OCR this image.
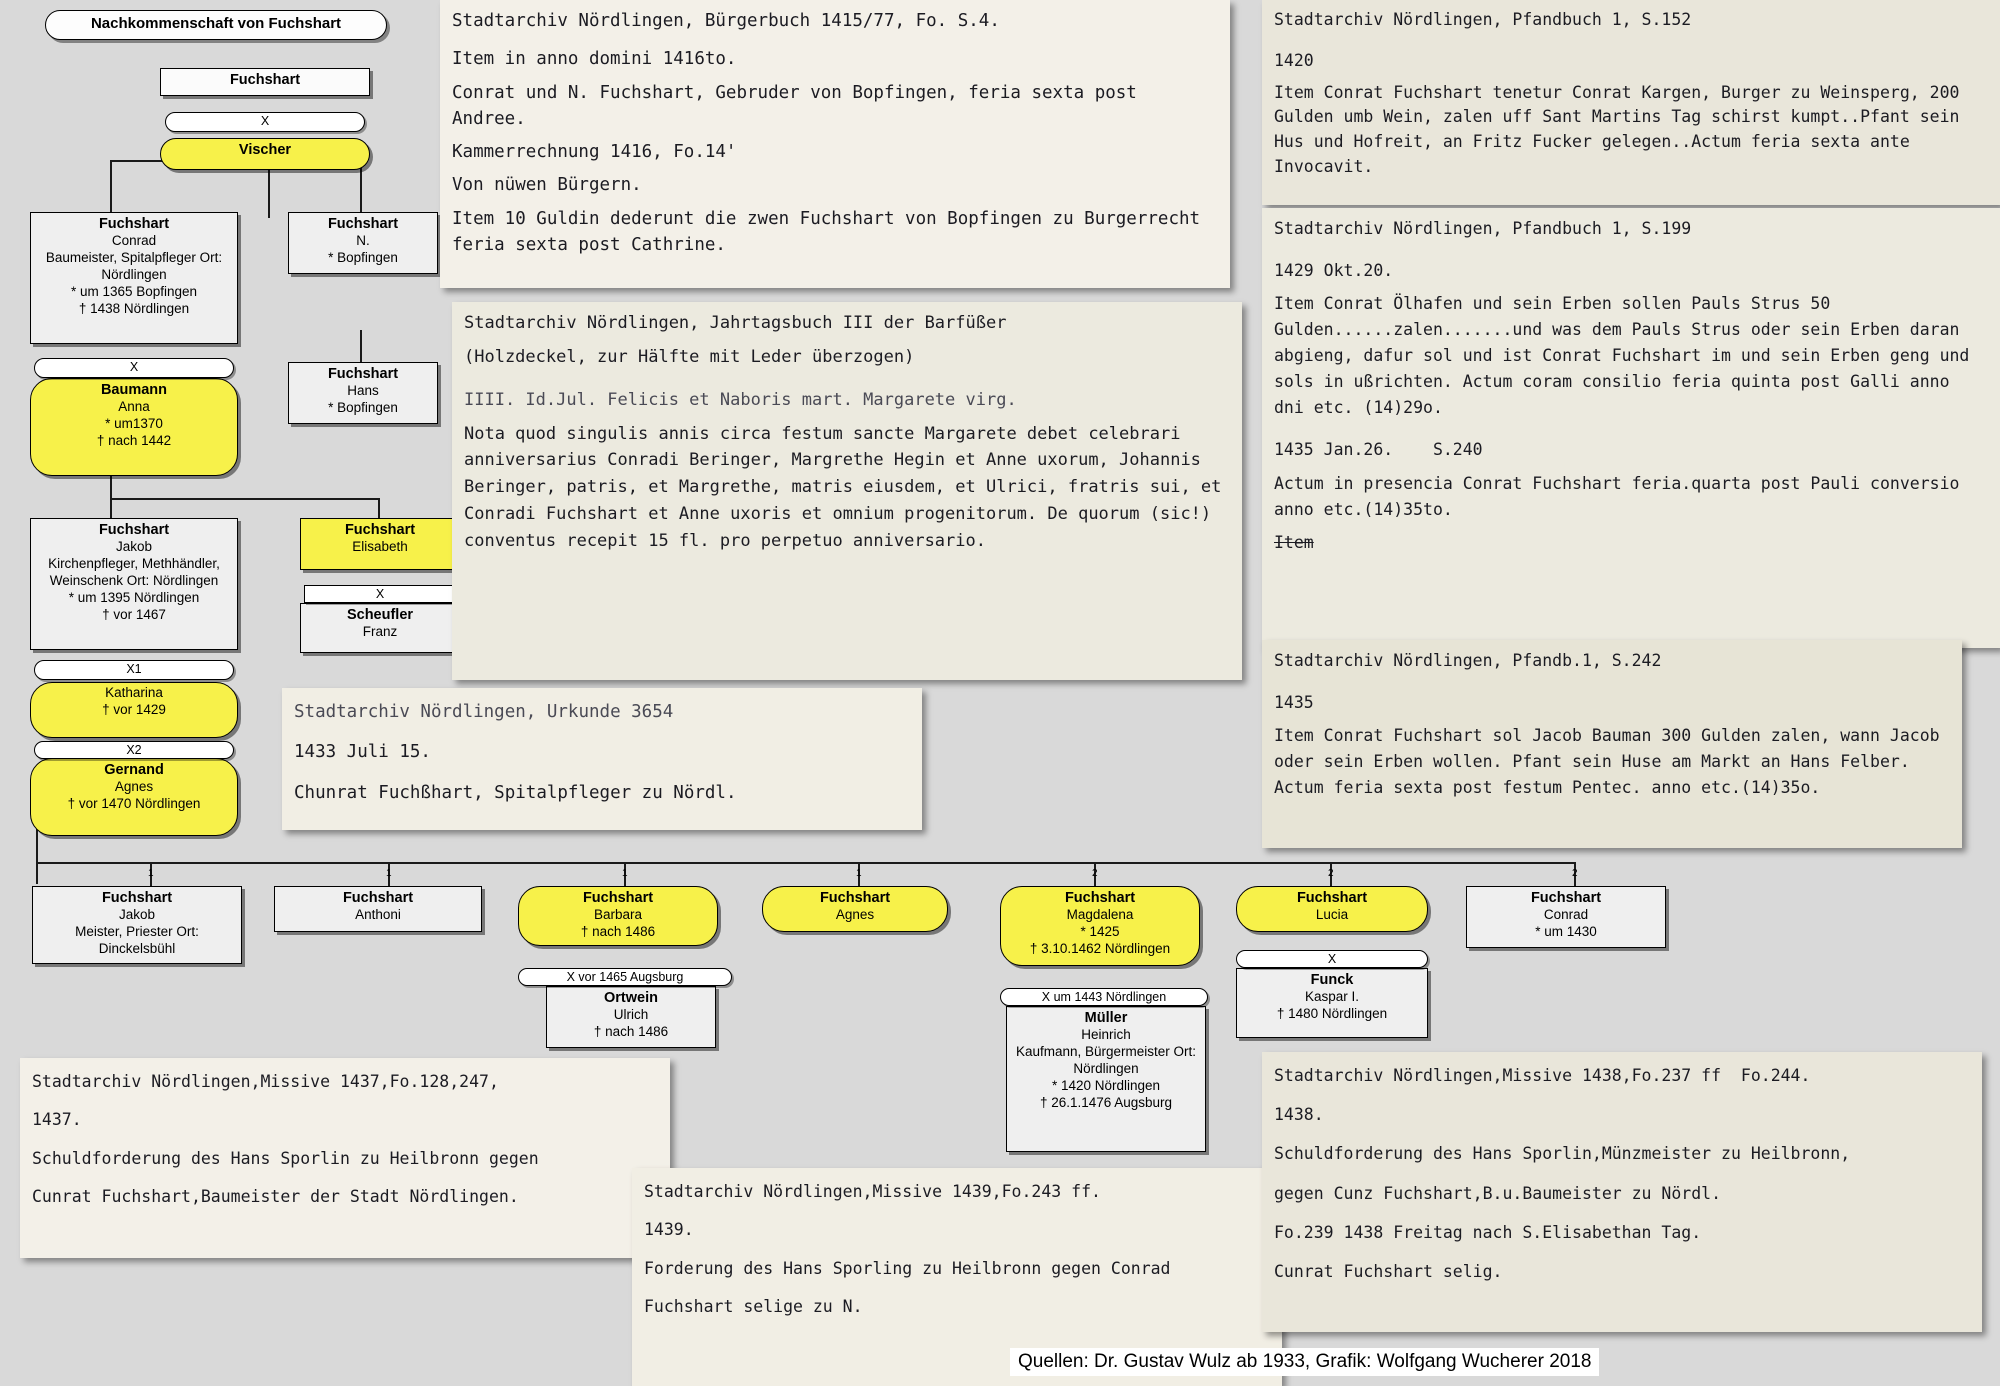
Nachkommenschaft von Fuchshart
Fuchshart
X
Vischer
Fuchshart
Conrad
Baumeister, Spitalpfleger Ort: Nördlingen
* um 1365 Bopfingen
† 1438 Nördlingen
X
Baumann
Anna
* um1370
† nach 1442
Fuchshart
N.
* Bopfingen
Fuchshart
Hans
* Bopfingen
Fuchshart
Jakob
Kirchenpfleger, Methhändler, Weinschenk Ort: Nördlingen
* um 1395 Nördlingen
† vor 1467
X1
Katharina
† vor 1429
X2
Gernand
Agnes
† vor 1470 Nördlingen
Fuchshart
Elisabeth
X
Scheufler
Franz
1
Fuchshart
Jakob
Meister, Priester Ort: Dinckelsbühl
1
Fuchshart
Anthoni
1
Fuchshart
Barbara
† nach 1486
X vor 1465 Augsburg
Ortwein
Ulrich
† nach 1486
1
Fuchshart
Agnes
2
Fuchshart
Magdalena
* 1425
† 3.10.1462 Nördlingen
X um 1443 Nördlingen
Müller
Heinrich
Kaufmann, Bürgermeister Ort: Nördlingen
* 1420 Nördlingen
† 26.1.1476 Augsburg
2
Fuchshart
Lucia
X
Funck
Kaspar I.
† 1480 Nördlingen
2
Fuchshart
Conrad
* um 1430

Stadtarchiv Nördlingen, Bürgerbuch 1415/77, Fo. S.4.

Item in anno domini 1416to.

Conrat und N. Fuchshart, Gebruder von Bopfingen, feria sexta post Andree.

Kammerrechnung 1416, Fo.14'

Von nüwen Bürgern.

Item 10 Guldin dederunt die zwen Fuchshart von Bopfingen zu Burgerrecht feria sexta post Cathrine.

Stadtarchiv Nördlingen, Jahrtagsbuch III der Barfüßer

(Holzdeckel, zur Hälfte mit Leder überzogen)

IIII. Id.Jul. Felicis et Naboris mart. Margarete virg.

Nota quod singulis annis circa festum sancte Margarete debet celebrari anniversarius Conradi Beringer, Margrethe Hegin et Anne uxorum, Johannis Beringer, patris, et Margrethe, matris eiusdem, et Ulrici, fratris sui, et Conradi Fuchshart et Anne uxoris et omnium progenitorum. De quorum (sic!) conventus recepit 15 fl. pro perpetuo anniversario.

Stadtarchiv Nördlingen, Urkunde 3654

1433 Juli 15.

Chunrat Fuchßhart, Spitalpfleger zu Nördl.

Stadtarchiv Nördlingen, Pfandbuch 1, S.152

1420

Item Conrat Fuchshart tenetur Conrat Kargen, Burger zu Weinsperg, 200 Gulden umb Wein, zalen uff Sant Martins Tag schirst kumpt..Pfant sein Hus und Hofreit, an Fritz Fucker gelegen..Actum feria sexta ante Invocavit.

Stadtarchiv Nördlingen, Pfandbuch 1, S.199

1429 Okt.20.

Item Conrat Ölhafen und sein Erben sollen Pauls Strus 50 Gulden......zalen.......und was dem Pauls Strus oder sein Erben daran abgieng, dafur sol und ist Conrat Fuchshart im und sein Erben geng und sols in ußrichten. Actum coram consilio feria quinta post Galli anno dni etc. (14)29o.

1435 Jan.26.    S.240

Actum in presencia Conrat Fuchshart feria.quarta post Pauli conversio anno etc.(14)35to.

Item

Stadtarchiv Nördlingen, Pfandb.1, S.242

1435

Item Conrat Fuchshart sol Jacob Bauman 300 Gulden zalen, wann Jacob oder sein Erben wollen. Pfant sein Huse am Markt an Hans Felber. Actum feria sexta post festum Pentec. anno etc.(14)35o.

Stadtarchiv Nördlingen,Missive 1437,Fo.128,247,

1437.

Schuldforderung des Hans Sporlin zu Heilbronn gegen

Cunrat Fuchshart,Baumeister der Stadt Nördlingen.	Stadtarchiv Nördlingen,Missive 1439,Fo.243 ff.

1439.

Forderung des Hans Sporling zu Heilbronn gegen Conrad

Fuchshart selige zu N.

Stadtarchiv Nördlingen,Missive 1438,Fo.237 ff  Fo.244.

1438.

Schuldforderung des Hans Sporlin,Münzmeister zu Heilbronn,

gegen Cunz Fuchshart,B.u.Baumeister zu Nördl.

Fo.239 1438 Freitag nach S.Elisabethan Tag.

Cunrat Fuchshart selig.

Quellen: Dr. Gustav Wulz ab 1933, Grafik: Wolfgang Wucherer 2018
